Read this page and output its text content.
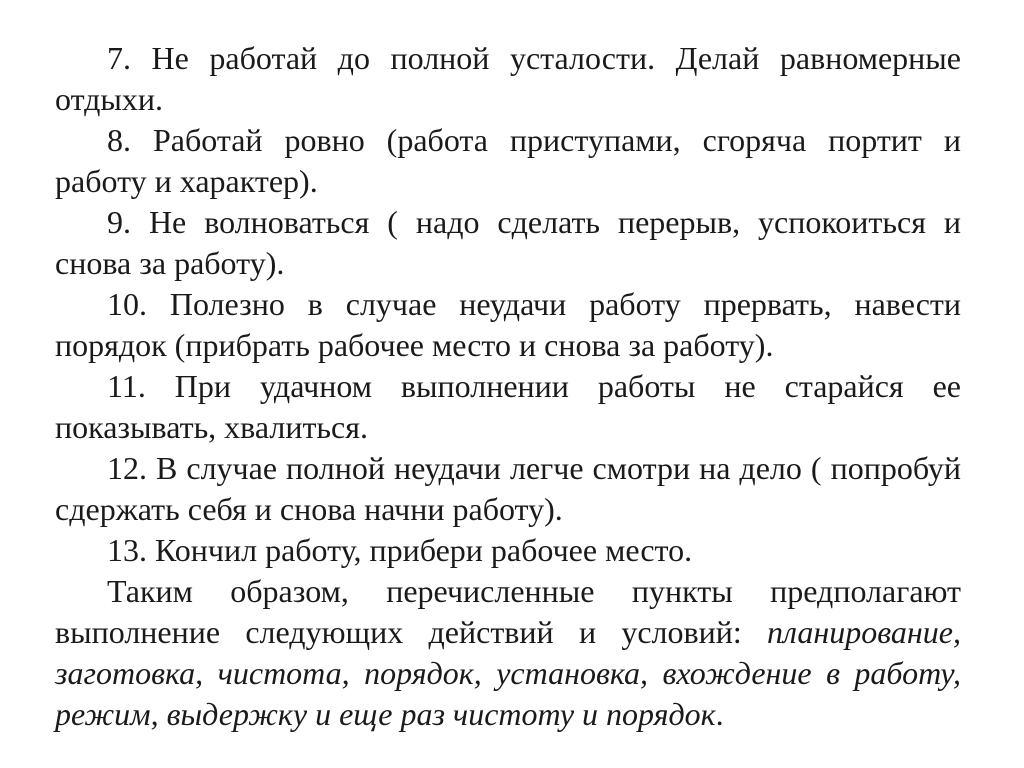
7. Не работай до полной усталости. Делай равномерные отдыхи.

8. Работай ровно (работа приступами, сгоряча портит и работу и характер).

9. Не волноваться ( надо сделать перерыв, успокоиться и снова за работу).

10. Полезно в случае неудачи работу прервать, навести порядок (прибрать рабочее место и снова за работу).

11. При удачном выполнении работы не старайся ее показывать, хвалиться.

12. В случае полной неудачи легче смотри на дело ( попробуй сдержать себя и снова начни работу).

13. Кончил работу, прибери рабочее место.

Таким образом, перечисленные пункты предполагают выполнение следующих действий и условий: планирование, заготовка, чистота, порядок, установка, вхождение в работу, режим, выдержку и еще раз чистоту и порядок.
